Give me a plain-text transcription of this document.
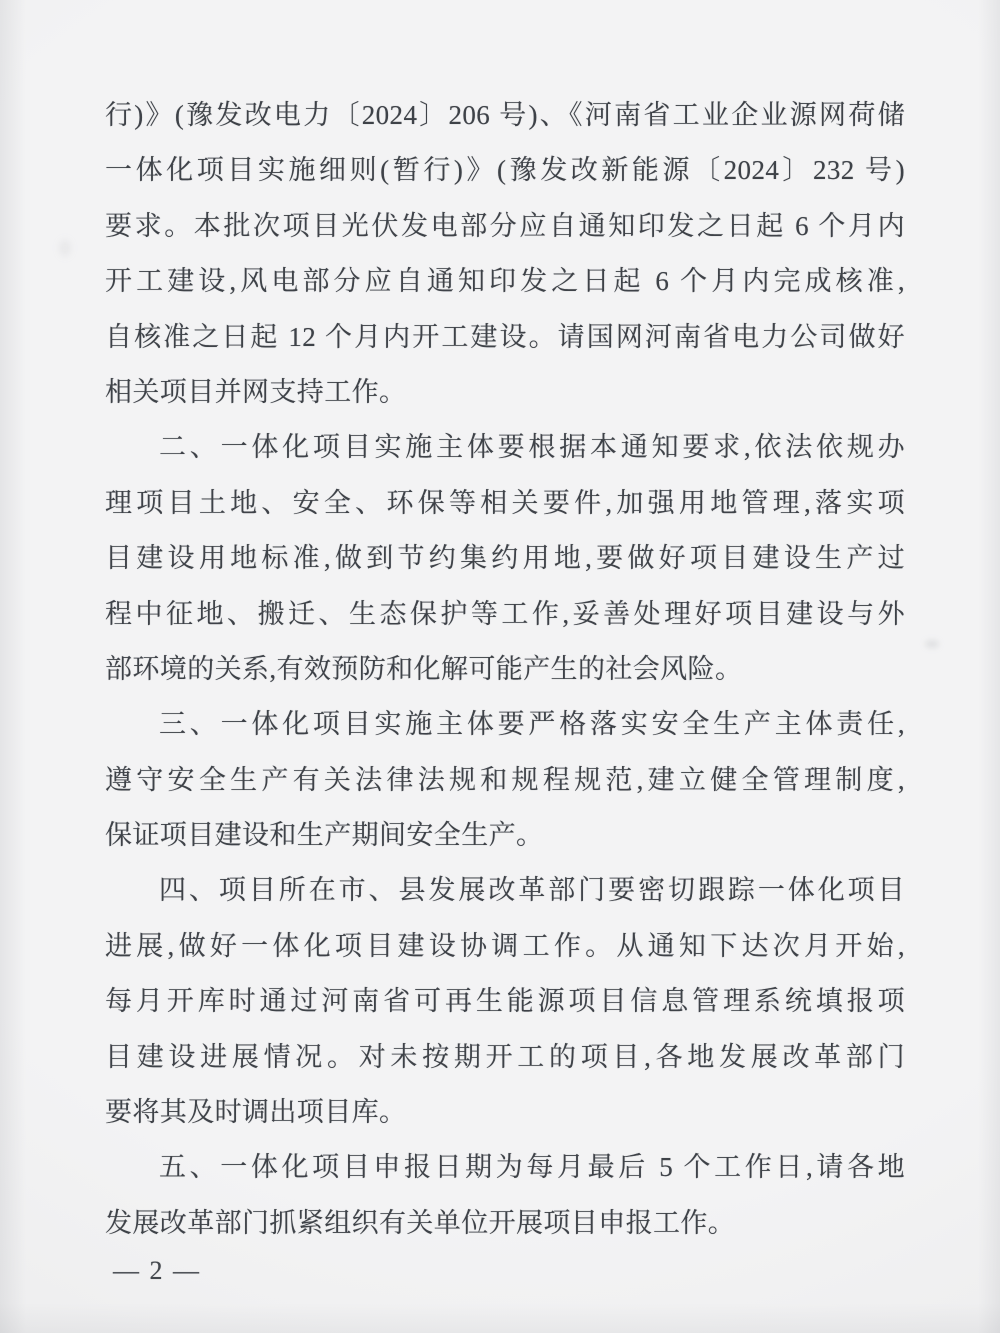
行)》(豫发改电力〔2024〕206 号)、《河南省工业企业源网荷储
一体化项目实施细则(暂行)》(豫发改新能源〔2024〕232 号)
要求。本批次项目光伏发电部分应自通知印发之日起 6 个月内
开工建设,风电部分应自通知印发之日起 6 个月内完成核准,
自核准之日起 12 个月内开工建设。请国网河南省电力公司做好
相关项目并网支持工作。
二、一体化项目实施主体要根据本通知要求,依法依规办
理项目土地、安全、环保等相关要件,加强用地管理,落实项
目建设用地标准,做到节约集约用地,要做好项目建设生产过
程中征地、搬迁、生态保护等工作,妥善处理好项目建设与外
部环境的关系,有效预防和化解可能产生的社会风险。
三、一体化项目实施主体要严格落实安全生产主体责任,
遵守安全生产有关法律法规和规程规范,建立健全管理制度,
保证项目建设和生产期间安全生产。
四、项目所在市、县发展改革部门要密切跟踪一体化项目
进展,做好一体化项目建设协调工作。从通知下达次月开始,
每月开库时通过河南省可再生能源项目信息管理系统填报项
目建设进展情况。对未按期开工的项目,各地发展改革部门
要将其及时调出项目库。
五、一体化项目申报日期为每月最后 5 个工作日,请各地
发展改革部门抓紧组织有关单位开展项目申报工作。
— 2 —
